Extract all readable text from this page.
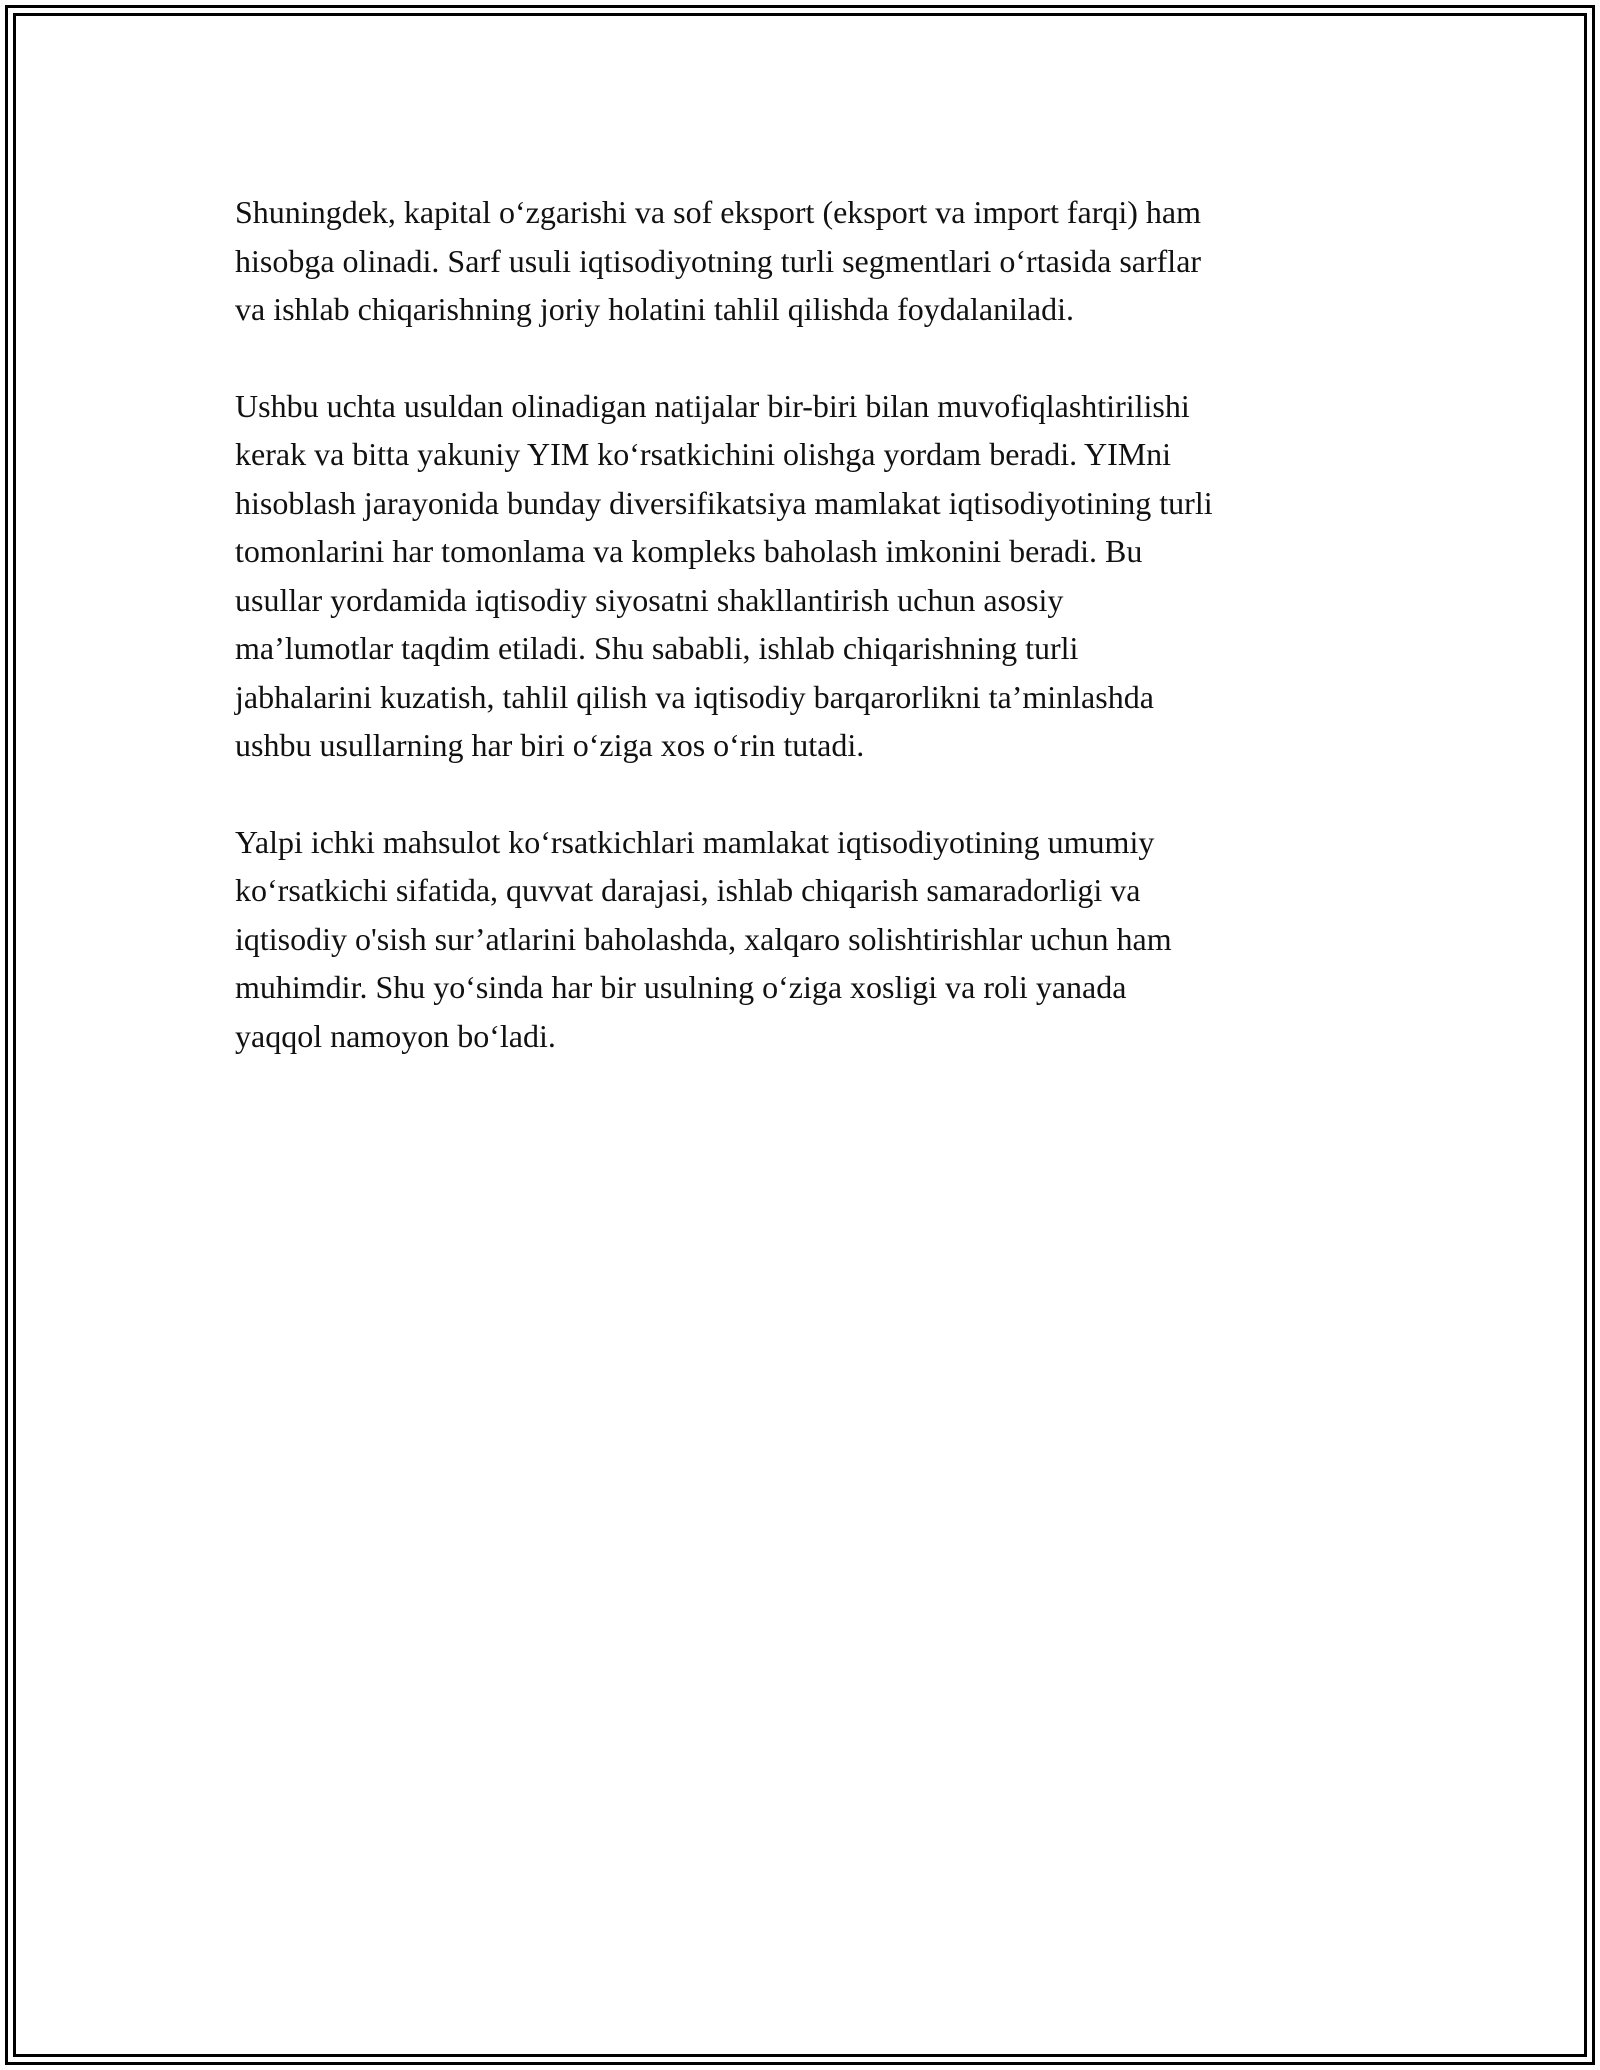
Shuningdek, kapital o‘zgarishi va sof eksport (eksport va import farqi) ham
hisobga olinadi. Sarf usuli iqtisodiyotning turli segmentlari o‘rtasida sarflar
va ishlab chiqarishning joriy holatini tahlil qilishda foydalaniladi.

Ushbu uchta usuldan olinadigan natijalar bir-biri bilan muvofiqlashtirilishi
kerak va bitta yakuniy YIM ko‘rsatkichini olishga yordam beradi. YIMni
hisoblash jarayonida bunday diversifikatsiya mamlakat iqtisodiyotining turli
tomonlarini har tomonlama va kompleks baholash imkonini beradi. Bu
usullar yordamida iqtisodiy siyosatni shakllantirish uchun asosiy
ma’lumotlar taqdim etiladi. Shu sababli, ishlab chiqarishning turli
jabhalarini kuzatish, tahlil qilish va iqtisodiy barqarorlikni ta’minlashda
ushbu usullarning har biri o‘ziga xos o‘rin tutadi.

Yalpi ichki mahsulot ko‘rsatkichlari mamlakat iqtisodiyotining umumiy
ko‘rsatkichi sifatida, quvvat darajasi, ishlab chiqarish samaradorligi va
iqtisodiy o'sish sur’atlarini baholashda, xalqaro solishtirishlar uchun ham
muhimdir. Shu yo‘sinda har bir usulning o‘ziga xosligi va roli yanada
yaqqol namoyon bo‘ladi.
